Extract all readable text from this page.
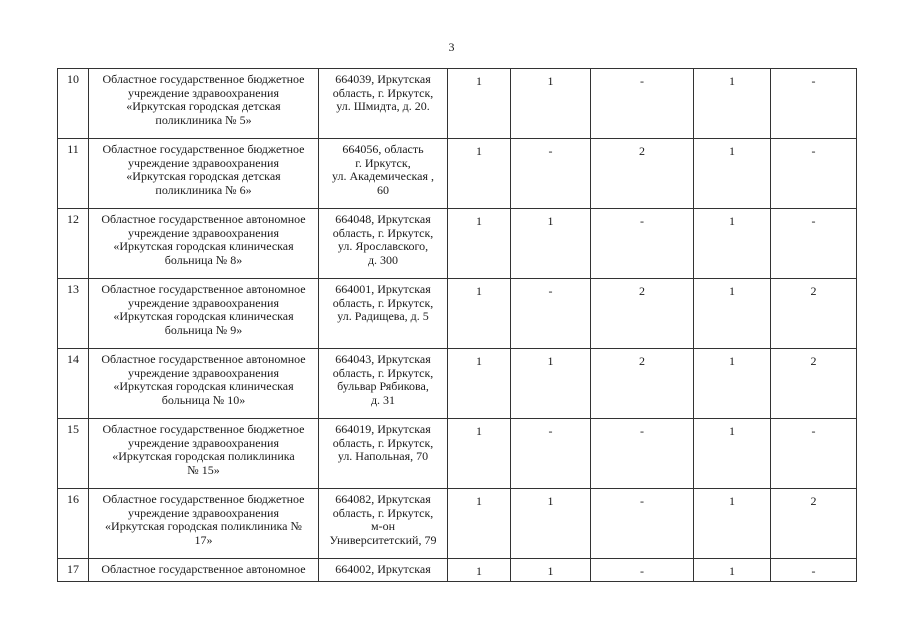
3
10	Областное государственное бюджетное
учреждение здравоохранения
«Иркутская городская детская
поликлиника № 5»	664039, Иркутская
область, г. Иркутск,
ул. Шмидта, д. 20.	1	1	-	1	-
11	Областное государственное бюджетное
учреждение здравоохранения
«Иркутская городская детская
поликлиника № 6»	664056, область
г. Иркутск,
ул. Академическая ,
60	1	-	2	1	-
12	Областное государственное автономное
учреждение здравоохранения
«Иркутская городская клиническая
больница № 8»	664048, Иркутская
область, г. Иркутск,
ул. Ярославского,
д. 300	1	1	-	1	-
13	Областное государственное автономное
учреждение здравоохранения
«Иркутская городская клиническая
больница № 9»	664001, Иркутская
область, г. Иркутск,
ул. Радищева, д. 5	1	-	2	1	2
14	Областное государственное автономное
учреждение здравоохранения
«Иркутская городская клиническая
больница № 10»	664043, Иркутская
область, г. Иркутск,
бульвар Рябикова,
д. 31	1	1	2	1	2
15	Областное государственное бюджетное
учреждение здравоохранения
«Иркутская городская поликлиника
№ 15»	664019, Иркутская
область, г. Иркутск,
ул. Напольная, 70	1	-	-	1	-
16	Областное государственное бюджетное
учреждение здравоохранения
«Иркутская городская поликлиника №
17»	664082, Иркутская
область, г. Иркутск,
м-он
Университетский, 79	1	1	-	1	2
17	Областное государственное автономное	664002, Иркутская	1	1	-	1	-
